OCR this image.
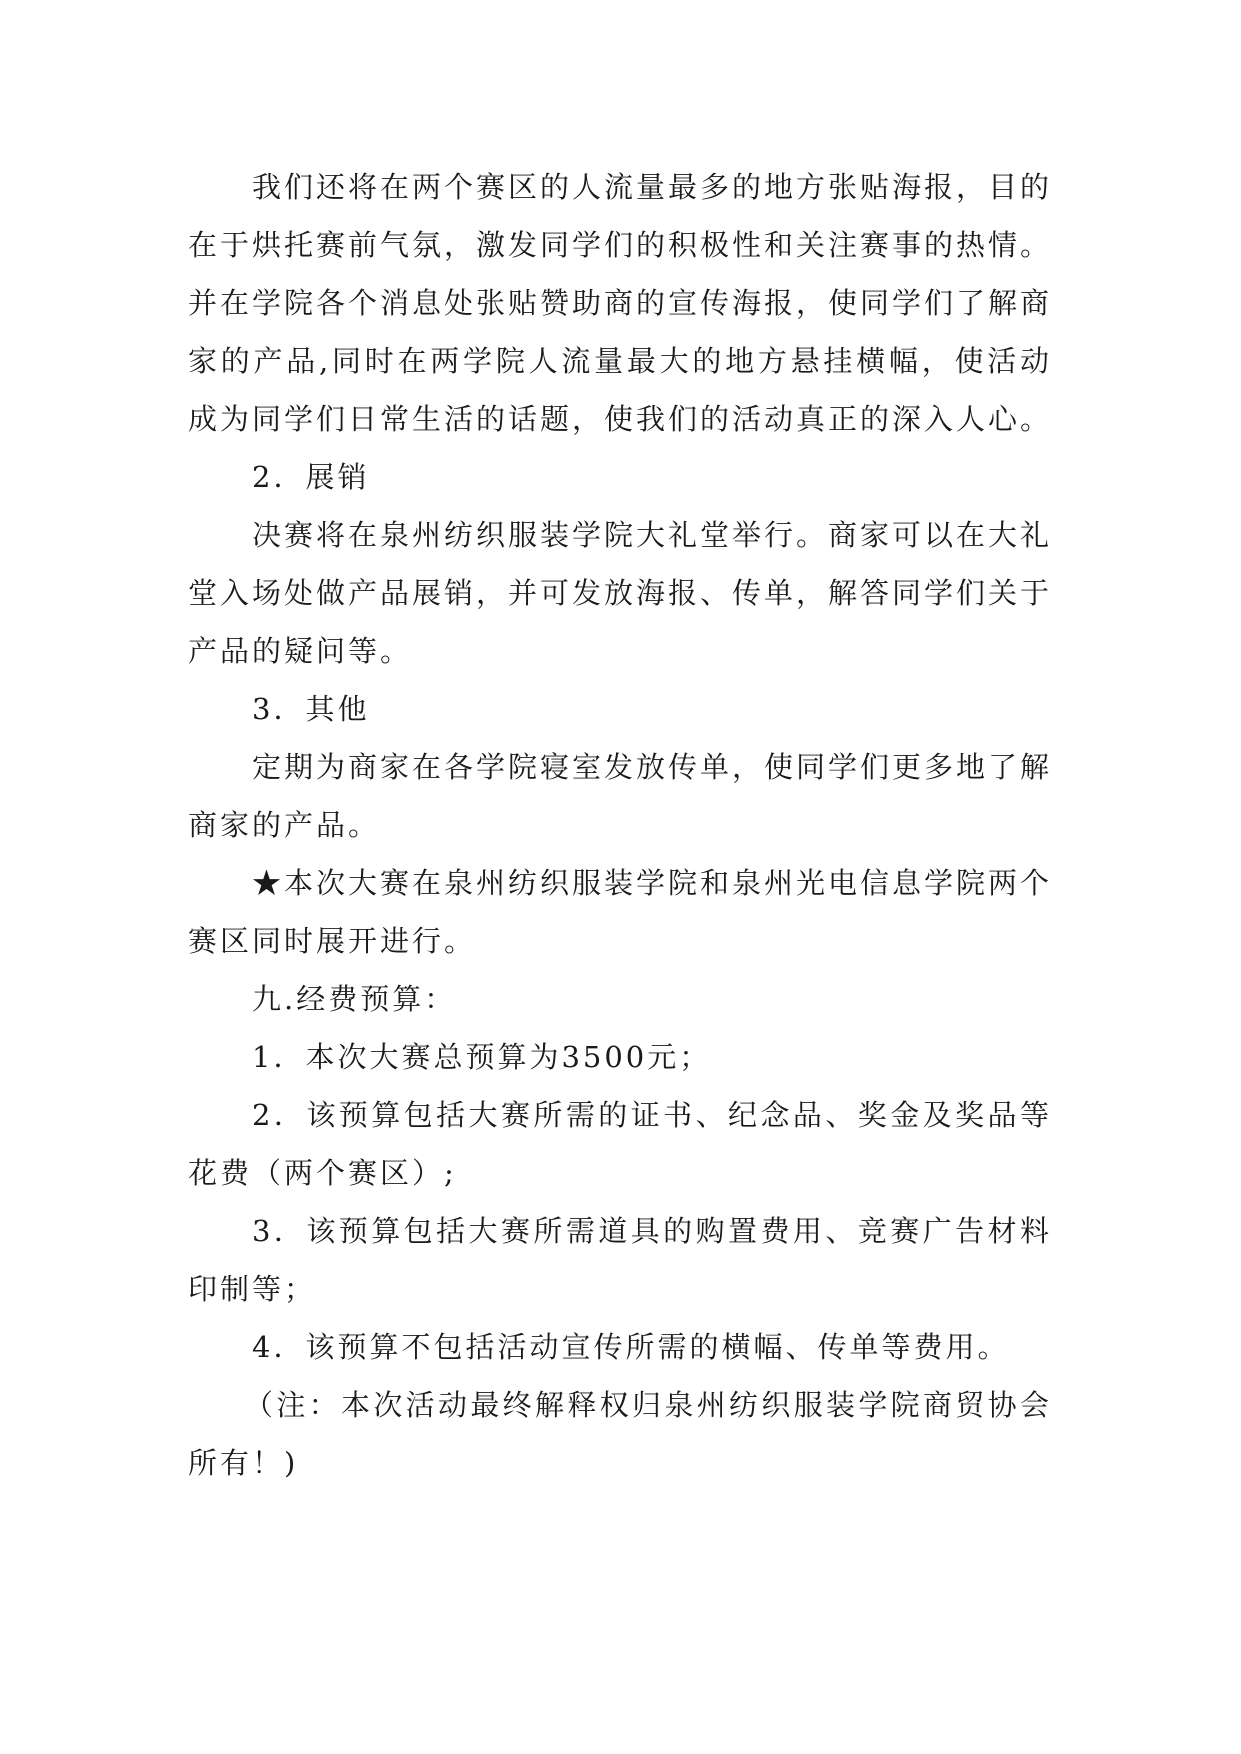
我们还将在两个赛区的人流量最多的地方张贴海报，目的在于烘托赛前气氛，激发同学们的积极性和关注赛事的热情。并在学院各个消息处张贴赞助商的宣传海报，使同学们了解商家的产品,同时在两学院人流量最大的地方悬挂横幅，使活动成为同学们日常生活的话题，使我们的活动真正的深入人心。

2．展销

决赛将在泉州纺织服装学院大礼堂举行。商家可以在大礼堂入场处做产品展销，并可发放海报、传单，解答同学们关于产品的疑问等。

3．其他

定期为商家在各学院寝室发放传单，使同学们更多地了解商家的产品。

★本次大赛在泉州纺织服装学院和泉州光电信息学院两个赛区同时展开进行。

九.经费预算：

1．本次大赛总预算为3500元；

2．该预算包括大赛所需的证书、纪念品、奖金及奖品等花费（两个赛区）;

3．该预算包括大赛所需道具的购置费用、竞赛广告材料印制等；

4．该预算不包括活动宣传所需的横幅、传单等费用。

（注：本次活动最终解释权归泉州纺织服装学院商贸协会所有！)
